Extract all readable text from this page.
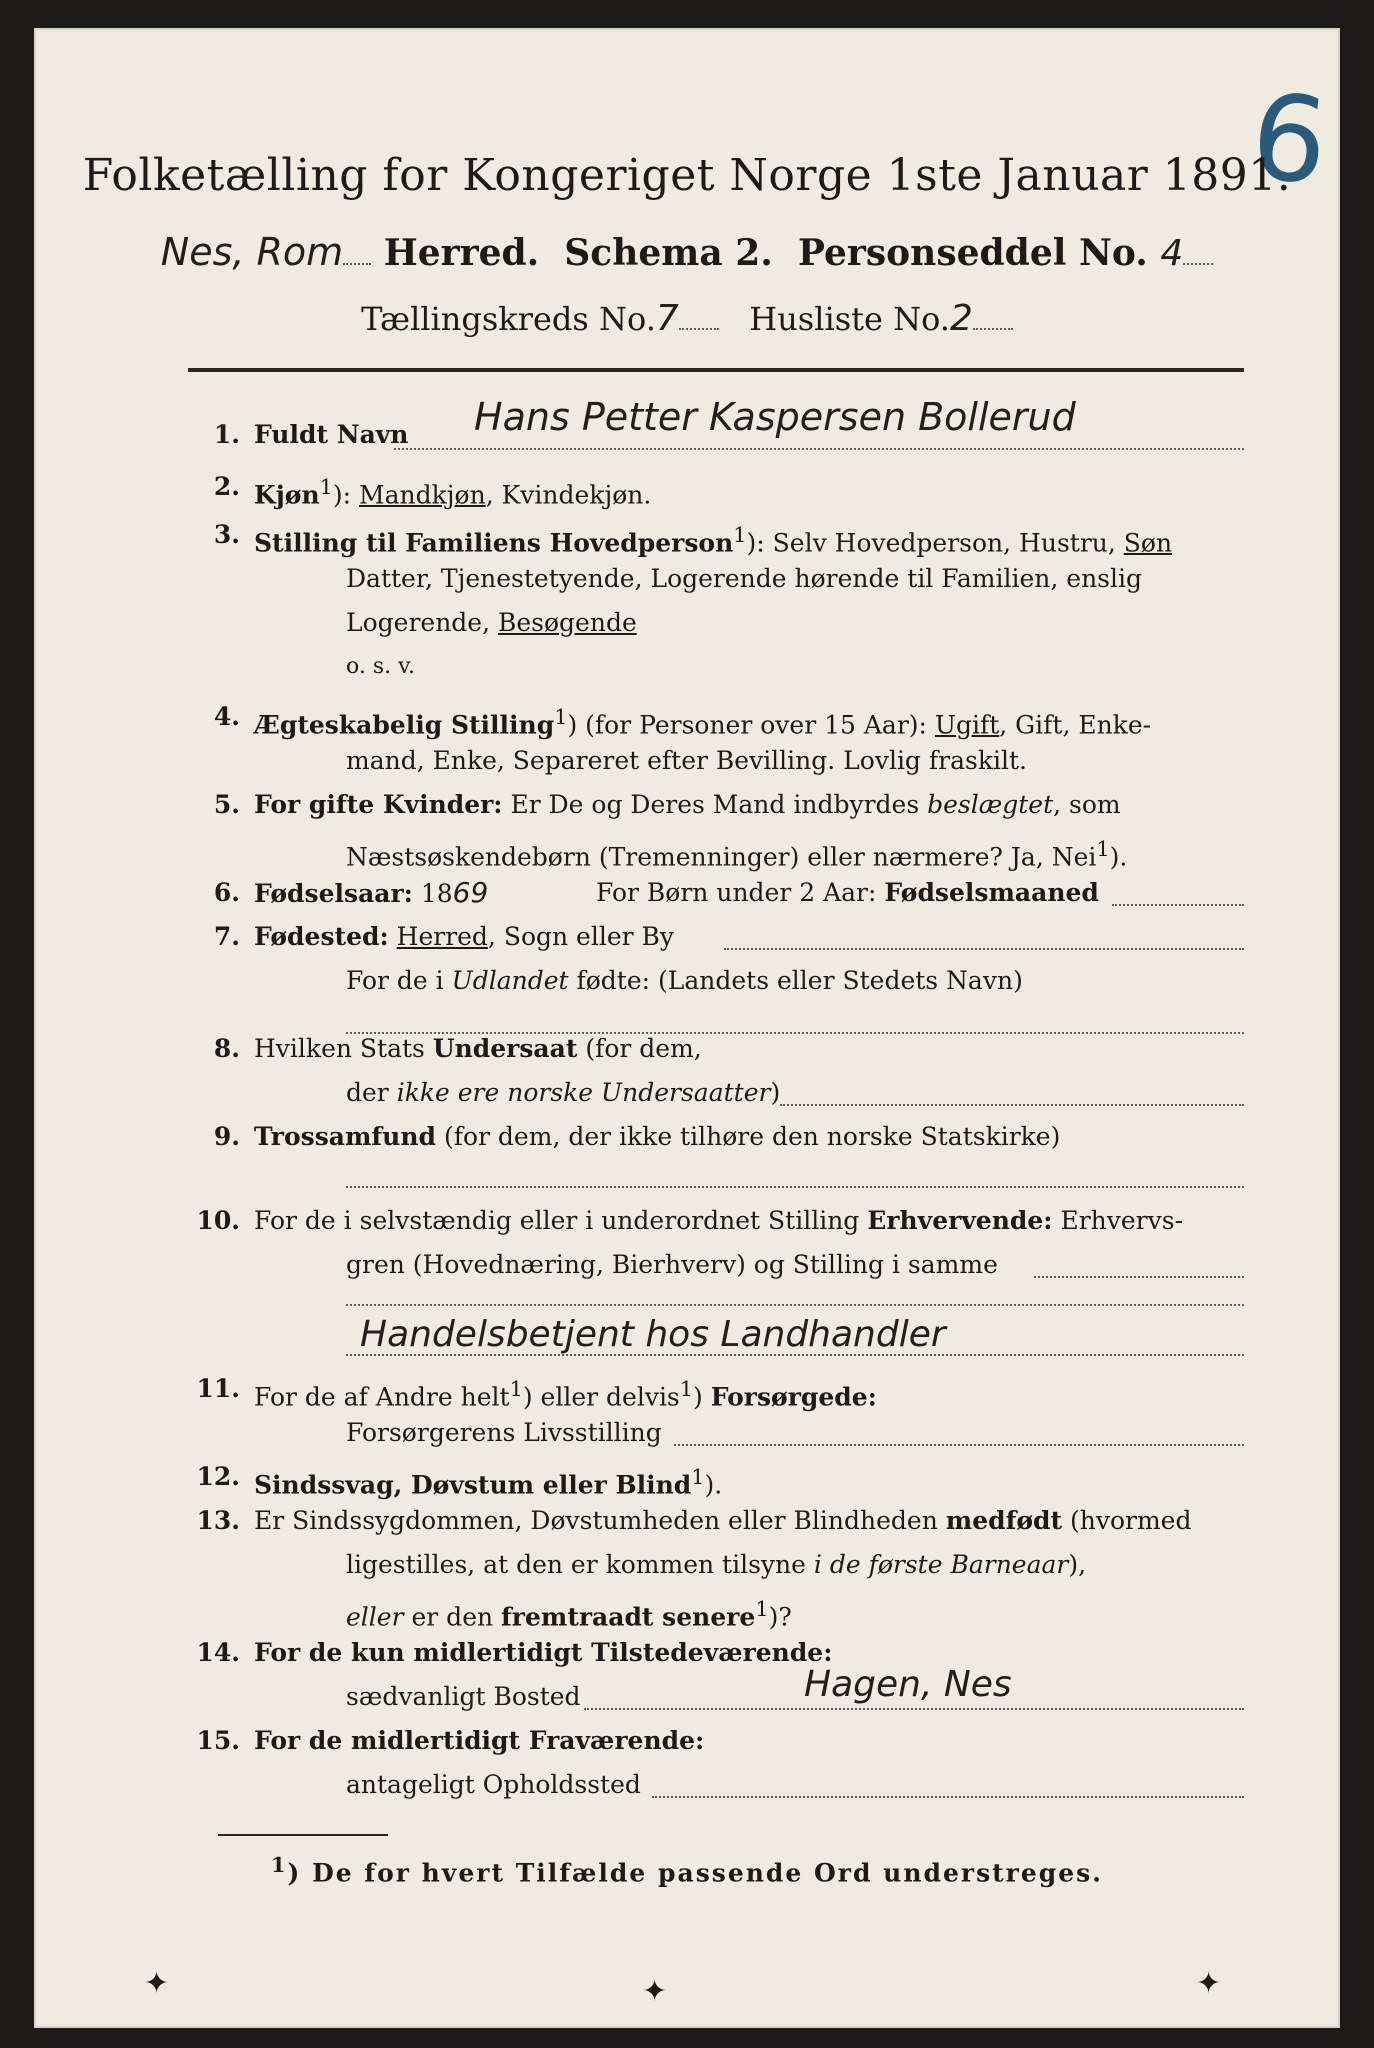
6
Folketælling for Kongeriget Norge 1ste Januar 1891.
Nes, Rom Herred. Schema 2. Personseddel No. 4
Tællingskreds No.7 Husliste No.2
1. Fuldt Navn Hans Petter Kaspersen Bollerud
2. Kjøn$^1$): Mandkjøn, Kvindekjøn.
3. Stilling til Familiens Hovedperson$^1$): Selv Hovedperson, Hustru, Søn
Datter, Tjenestetyende, Logerende hørende til Familien, enslig
Logerende, Besøgende
o. s. v.
4. Ægteskabelig Stilling$^1$) (for Personer over 15 Aar): Ugift, Gift, Enke-
mand, Enke, Separeret efter Bevilling. Lovlig fraskilt.
5. For gifte Kvinder: Er De og Deres Mand indbyrdes beslægtet, som
Næstsøskendebørn (Tremenninger) eller nærmere? Ja, Nei$^1$).
6. Fødselsaar: 1869	For Børn under 2 Aar: Fødselsmaaned
7. Fødested: Herred, Sogn eller By
For de i Udlandet fødte: (Landets eller Stedets Navn)
8. Hvilken Stats Undersaat (for dem,
der ikke ere norske Undersaatter)
9. Trossamfund (for dem, der ikke tilhøre den norske Statskirke)
10. For de i selvstændig eller i underordnet Stilling Erhvervende: Erhvervs-
gren (Hovednæring, Bierhverv) og Stilling i samme
Handelsbetjent hos Landhandler
11. For de af Andre helt$^1$) eller delvis$^1$) Forsørgede:
Forsørgerens Livsstilling
12. Sindssvag, Døvstum eller Blind$^1$).
13. Er Sindssygdommen, Døvstumheden eller Blindheden medfødt (hvormed
ligestilles, at den er kommen tilsyne i de første Barneaar),
eller er den fremtraadt senere$^1$)?
14. For de kun midlertidigt Tilstedeværende:
sædvanligt Bosted	Hagen, Nes
15. For de midlertidigt Fraværende:
antageligt Opholdssted
$^1$) De for hvert Tilfælde passende Ord understreges.
✦	✦	✦
